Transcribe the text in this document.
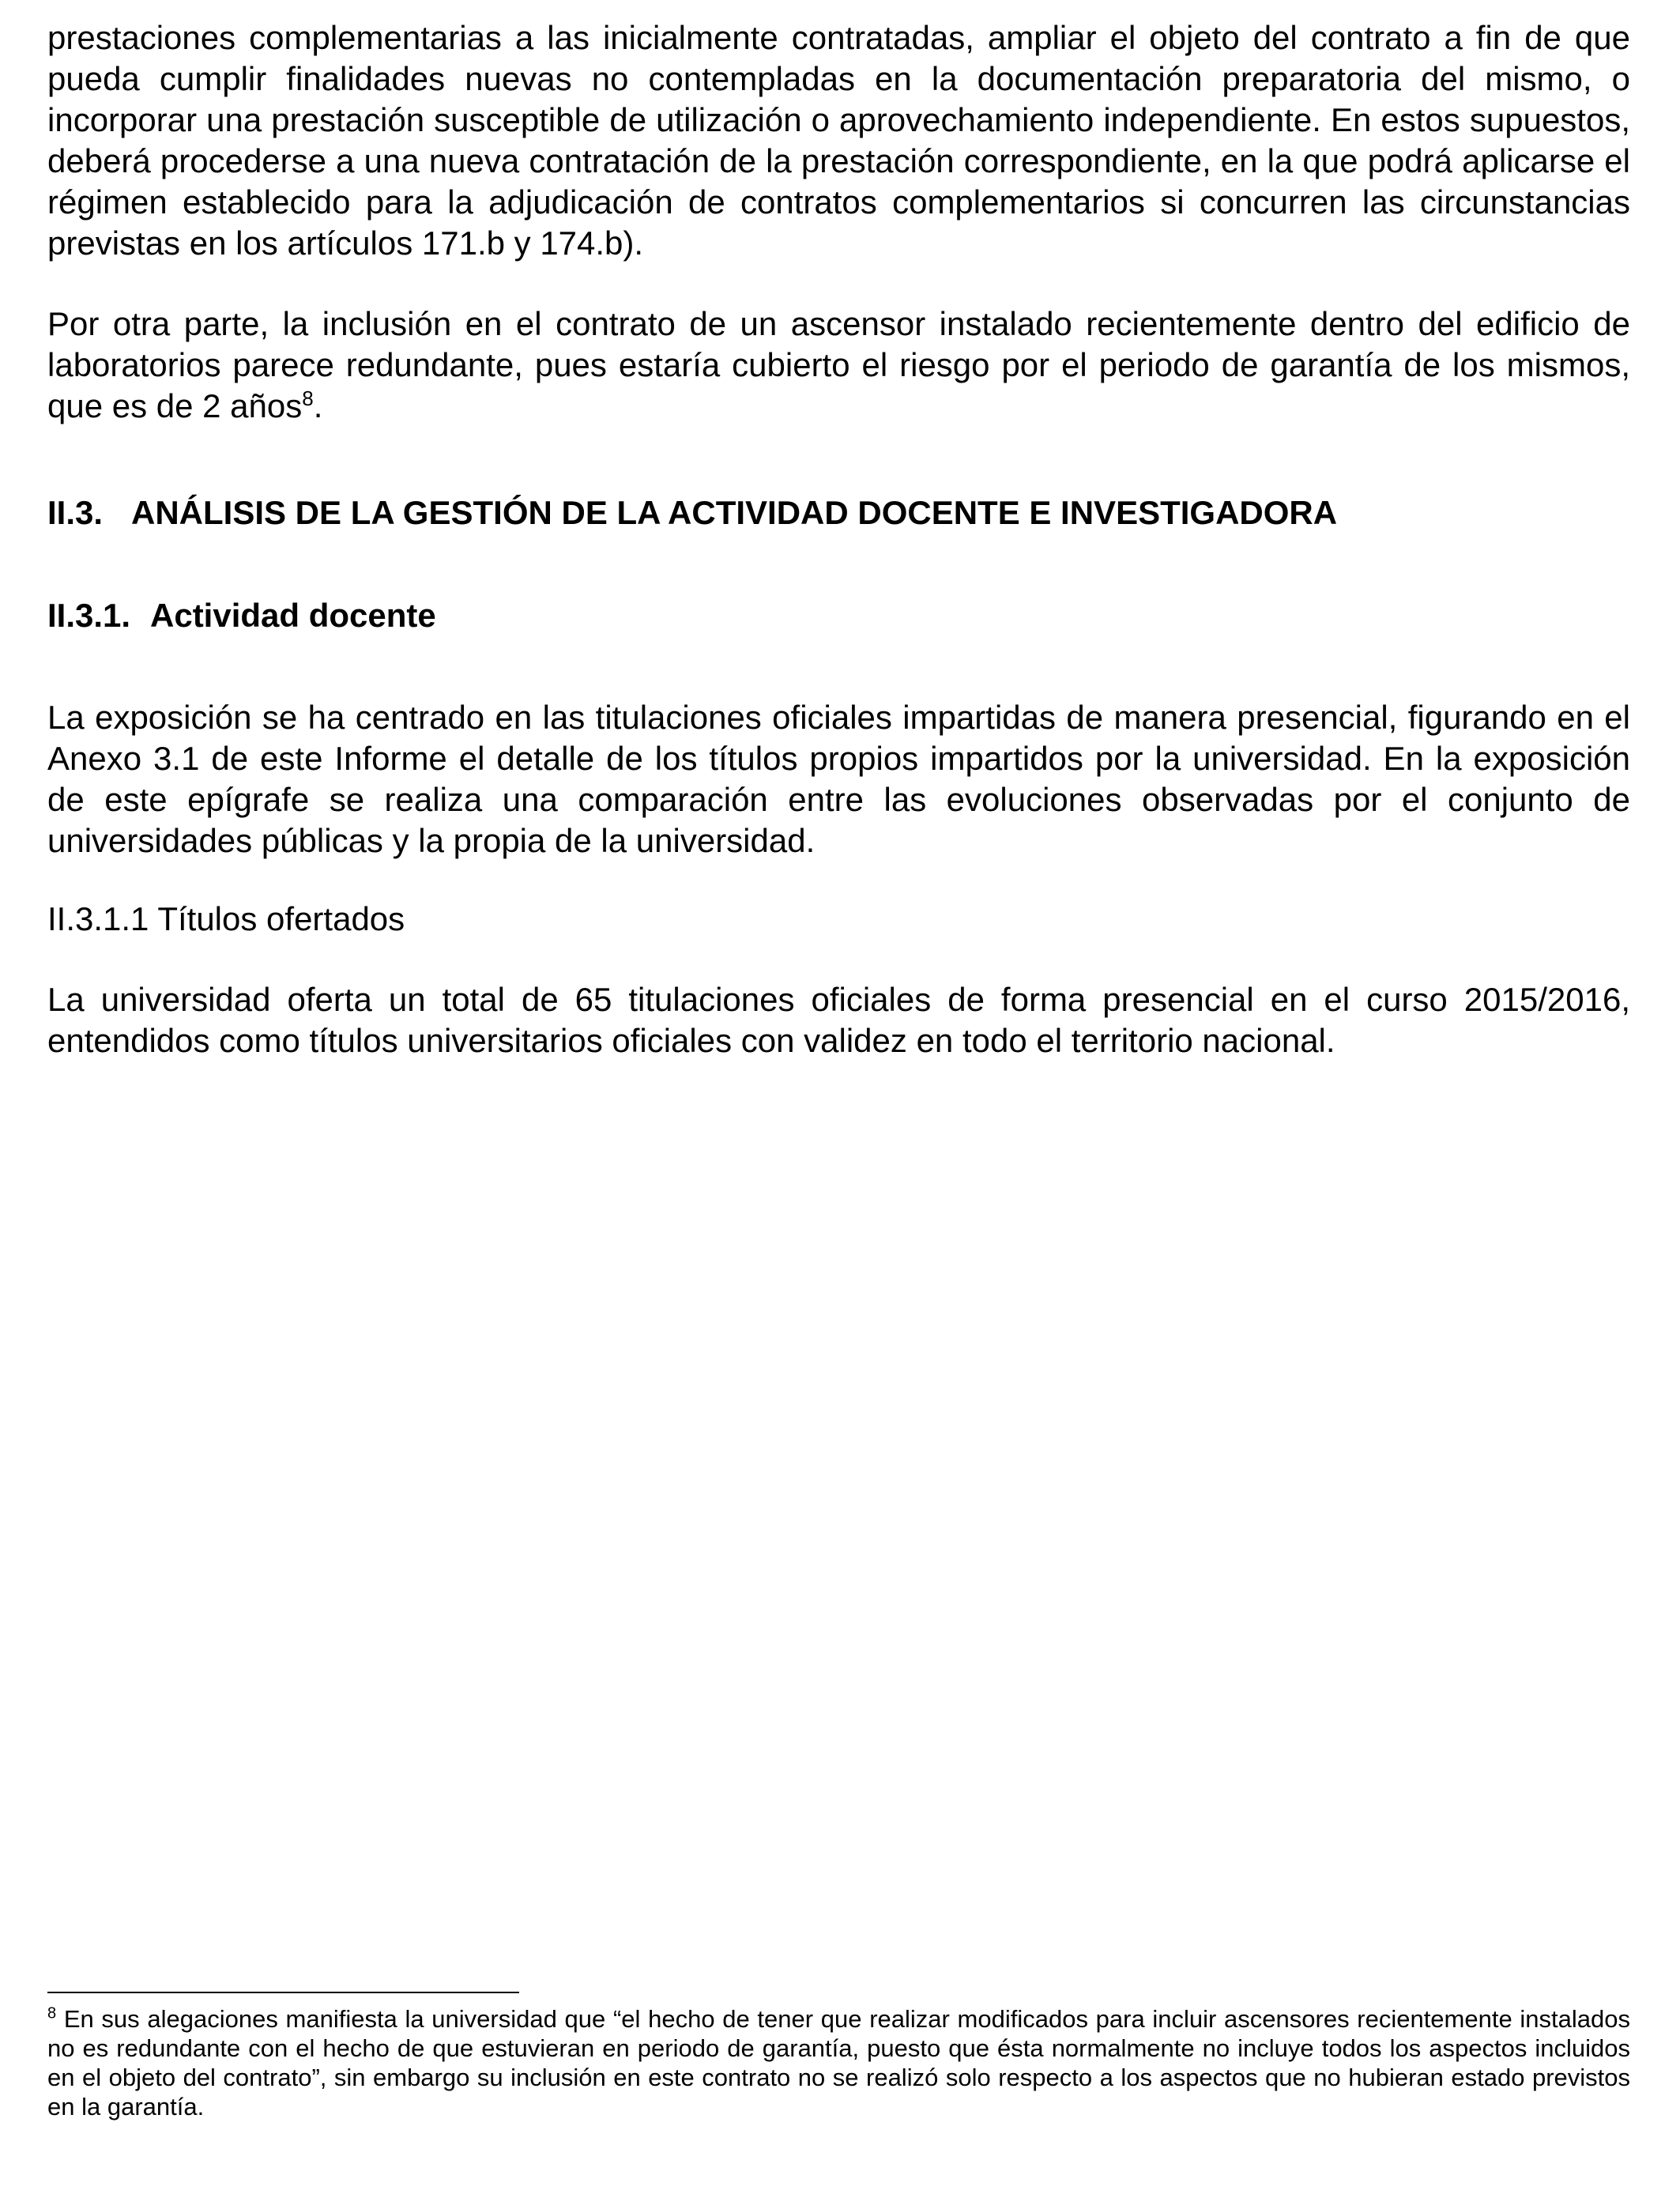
prestaciones complementarias a las inicialmente contratadas, ampliar el objeto del contrato a fin de que pueda cumplir finalidades nuevas no contempladas en la documentación preparatoria del mismo, o incorporar una prestación susceptible de utilización o aprovechamiento independiente. En estos supuestos, deberá procederse a una nueva contratación de la prestación correspondiente, en la que podrá aplicarse el régimen establecido para la adjudicación de contratos complementarios si concurren las circunstancias previstas en los artículos 171.b y 174.b).

Por otra parte, la inclusión en el contrato de un ascensor instalado recientemente dentro del edificio de laboratorios parece redundante, pues estaría cubierto el riesgo por el periodo de garantía de los mismos, que es de 2 años$^8$.

II.3. ANÁLISIS DE LA GESTIÓN DE LA ACTIVIDAD DOCENTE E INVESTIGADORA
II.3.1. Actividad docente

La exposición se ha centrado en las titulaciones oficiales impartidas de manera presencial, figurando en el Anexo 3.1 de este Informe el detalle de los títulos propios impartidos por la universidad. En la exposición de este epígrafe se realiza una comparación entre las evoluciones observadas por el conjunto de universidades públicas y la propia de la universidad.

II.3.1.1 Títulos ofertados

La universidad oferta un total de 65 titulaciones oficiales de forma presencial en el curso 2015/2016, entendidos como títulos universitarios oficiales con validez en todo el territorio nacional.

$^8$ En sus alegaciones manifiesta la universidad que “el hecho de tener que realizar modificados para incluir ascensores recientemente instalados no es redundante con el hecho de que estuvieran en periodo de garantía, puesto que ésta normalmente no incluye todos los aspectos incluidos en el objeto del contrato”, sin embargo su inclusión en este contrato no se realizó solo respecto a los aspectos que no hubieran estado previstos en la garantía.
